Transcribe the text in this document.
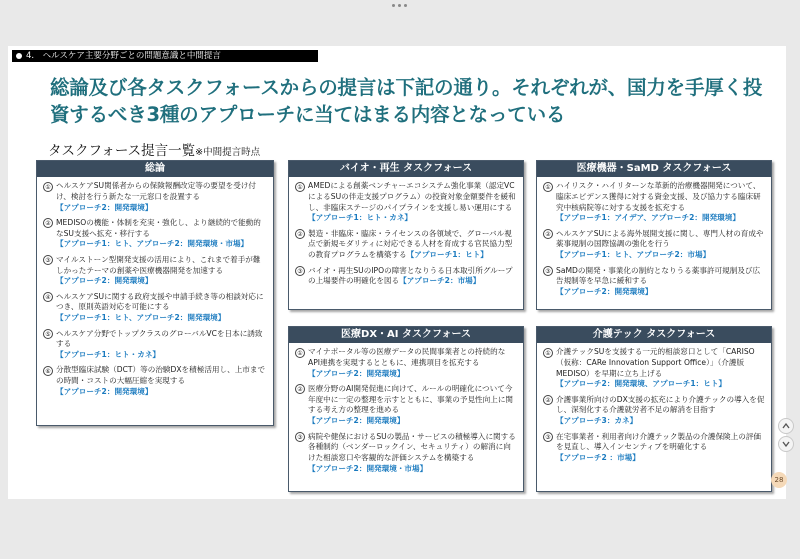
4.　ヘルスケア主要分野ごとの問題意識と中間提言
総論及び各タスクフォースからの提言は下記の通り。それぞれが、国力を手厚く投資するべき3種のアプローチに当てはまる内容となっている
タスクフォース提言一覧※中間提言時点
総論
① ヘルスケアSU関係者からの保険報酬改定等の要望を受け付け、検討を行う新たな一元窓口を設置する
【アプローチ2：開発環境】
② MEDISOの機能・体制を充実・強化し、より継続的で能動的なSU支援へ拡充・移行する
【アプローチ1：ヒト、アプローチ2：開発環境・市場】
③ マイルストーン型開発支援の活用により、これまで着手が難しかったテーマの創薬や医療機器開発を加速する
【アプローチ2：開発環境】
④ ヘルスケアSUに関する政府支援や申請手続き等の相談対応につき、原則英語対応を可能にする
【アプローチ1：ヒト、アプローチ2：開発環境】
⑤ ヘルスケア分野でトップクラスのグローバルVCを日本に誘致する
【アプローチ1：ヒト・カネ】
⑥ 分散型臨床試験（DCT）等の治験DXを積極活用し、上市までの時間・コストの大幅圧縮を実現する
【アプローチ2：開発環境】
バイオ・再生 タスクフォース
① AMEDによる創薬ベンチャーエコシステム強化事業（認定VCによるSUの伴走支援プログラム）の投資対象金額要件を緩和し、非臨床ステージのパイプラインを支援し易い運用にする【アプローチ1：ヒト・カネ】
② 製造・非臨床・臨床・ライセンスの各領域で、グローバル視点で新規モダリティに対応できる人材を育成する官民協力型の教育プログラムを構築する【アプローチ1：ヒト】
③ バイオ・再生SUのIPOの障害となりうる日本取引所グループの上場要件の明確化を図る【アプローチ2：市場】
医療機器・SaMD タスクフォース
① ハイリスク・ハイリターンな革新的治療機器開発について、臨床エビデンス獲得に対する資金支援、及び協力する臨床研究中核病院等に対する支援を拡充する
【アプローチ1：アイデア、アプローチ2：開発環境】
② ヘルスケアSUによる海外展開支援に関し、専門人材の育成や薬事規制の国際協調の強化を行う
【アプローチ1：ヒト、アプローチ2：市場】
③ SaMDの開発・事業化の制約となりうる薬事許可規制及び広告規制等を早急に緩和する
【アプローチ2：開発環境】
医療DX・AI タスクフォース
① マイナポータル等の医療データの民間事業者との持続的なAPI連携を実現するとともに、連携項目を拡充する
【アプローチ2：開発環境】
② 医療分野のAI開発促進に向けて、ルールの明確化について今年度中に一定の整理を示すとともに、事業の予見性向上に関する考え方の整理を進める
【アプローチ2：開発環境】
③ 病院や健保におけるSUの製品・サービスの積極導入に関する各種制約（ベンダーロックイン、セキュリティ）の解消に向けた相談窓口や客観的な評価システムを構築する
【アプローチ2：開発環境・市場】
介護テック タスクフォース
① 介護テックSUを支援する一元的相談窓口として「CARISO（仮称：CARe Innovation Support Office）」（介護版MEDISO）を早期に立ち上げる
【アプローチ2：開発環境、アプローチ1：ヒト】
② 介護事業所向けのDX支援の拡充により介護テックの導入を促し、深刻化する介護就労者不足の解消を目指す
【アプローチ3：カネ】
③ 在宅事業者・利用者向け介護テック製品の介護保険上の評価を見直し、導入インセンティブを明確化する
【アプローチ2 ：市場】
28
